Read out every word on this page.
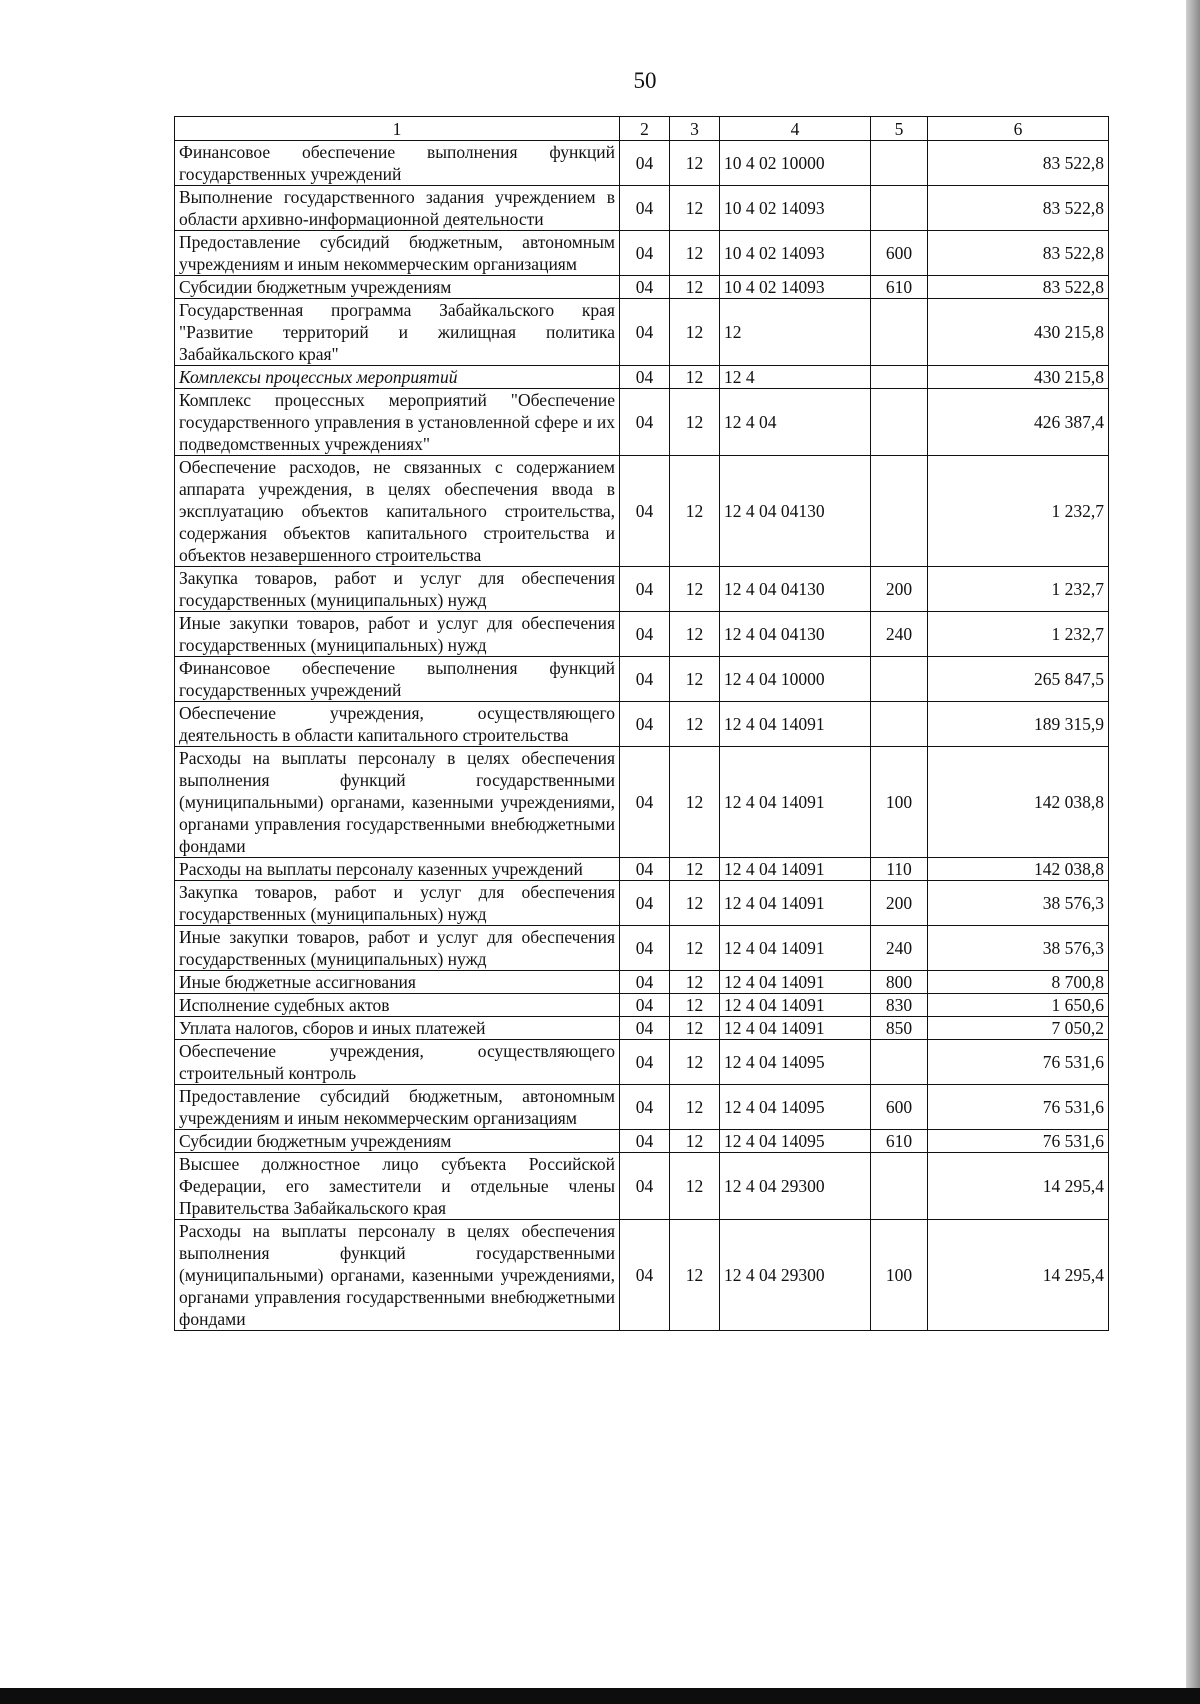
50
1	2	3	4	5	6
Финансовое обеспечение выполнения функций государственных учреждений	04	12	10 4 02 10000		83 522,8
Выполнение государственного задания учреждением в области архивно-информационной деятельности	04	12	10 4 02 14093		83 522,8
Предоставление субсидий бюджетным, автономным учреждениям и иным некоммерческим организациям	04	12	10 4 02 14093	600	83 522,8
Субсидии бюджетным учреждениям	04	12	10 4 02 14093	610	83 522,8
Государственная программа Забайкальского края "Развитие территорий и жилищная политика Забайкальского края"	04	12	12		430 215,8
Комплексы процессных мероприятий	04	12	12 4		430 215,8
Комплекс процессных мероприятий "Обеспечение государственного управления в установленной сфере и их подведомственных учреждениях"	04	12	12 4 04		426 387,4
Обеспечение расходов, не связанных с содержанием аппарата учреждения, в целях обеспечения ввода в эксплуатацию объектов капитального строительства, содержания объектов капитального строительства и объектов незавершенного строительства	04	12	12 4 04 04130		1 232,7
Закупка товаров, работ и услуг для обеспечения государственных (муниципальных) нужд	04	12	12 4 04 04130	200	1 232,7
Иные закупки товаров, работ и услуг для обеспечения государственных (муниципальных) нужд	04	12	12 4 04 04130	240	1 232,7
Финансовое обеспечение выполнения функций государственных учреждений	04	12	12 4 04 10000		265 847,5
Обеспечение учреждения, осуществляющего деятельность в области капитального строительства	04	12	12 4 04 14091		189 315,9
Расходы на выплаты персоналу в целях обеспечения выполнения функций государственными (муниципальными) органами, казенными учреждениями, органами управления государственными внебюджетными фондами	04	12	12 4 04 14091	100	142 038,8
Расходы на выплаты персоналу казенных учреждений	04	12	12 4 04 14091	110	142 038,8
Закупка товаров, работ и услуг для обеспечения государственных (муниципальных) нужд	04	12	12 4 04 14091	200	38 576,3
Иные закупки товаров, работ и услуг для обеспечения государственных (муниципальных) нужд	04	12	12 4 04 14091	240	38 576,3
Иные бюджетные ассигнования	04	12	12 4 04 14091	800	8 700,8
Исполнение судебных актов	04	12	12 4 04 14091	830	1 650,6
Уплата налогов, сборов и иных платежей	04	12	12 4 04 14091	850	7 050,2
Обеспечение учреждения, осуществляющего строительный контроль	04	12	12 4 04 14095		76 531,6
Предоставление субсидий бюджетным, автономным учреждениям и иным некоммерческим организациям	04	12	12 4 04 14095	600	76 531,6
Субсидии бюджетным учреждениям	04	12	12 4 04 14095	610	76 531,6
Высшее должностное лицо субъекта Российской Федерации, его заместители и отдельные члены Правительства Забайкальского края	04	12	12 4 04 29300		14 295,4
Расходы на выплаты персоналу в целях обеспечения выполнения функций государственными (муниципальными) органами, казенными учреждениями, органами управления государственными внебюджетными фондами	04	12	12 4 04 29300	100	14 295,4
